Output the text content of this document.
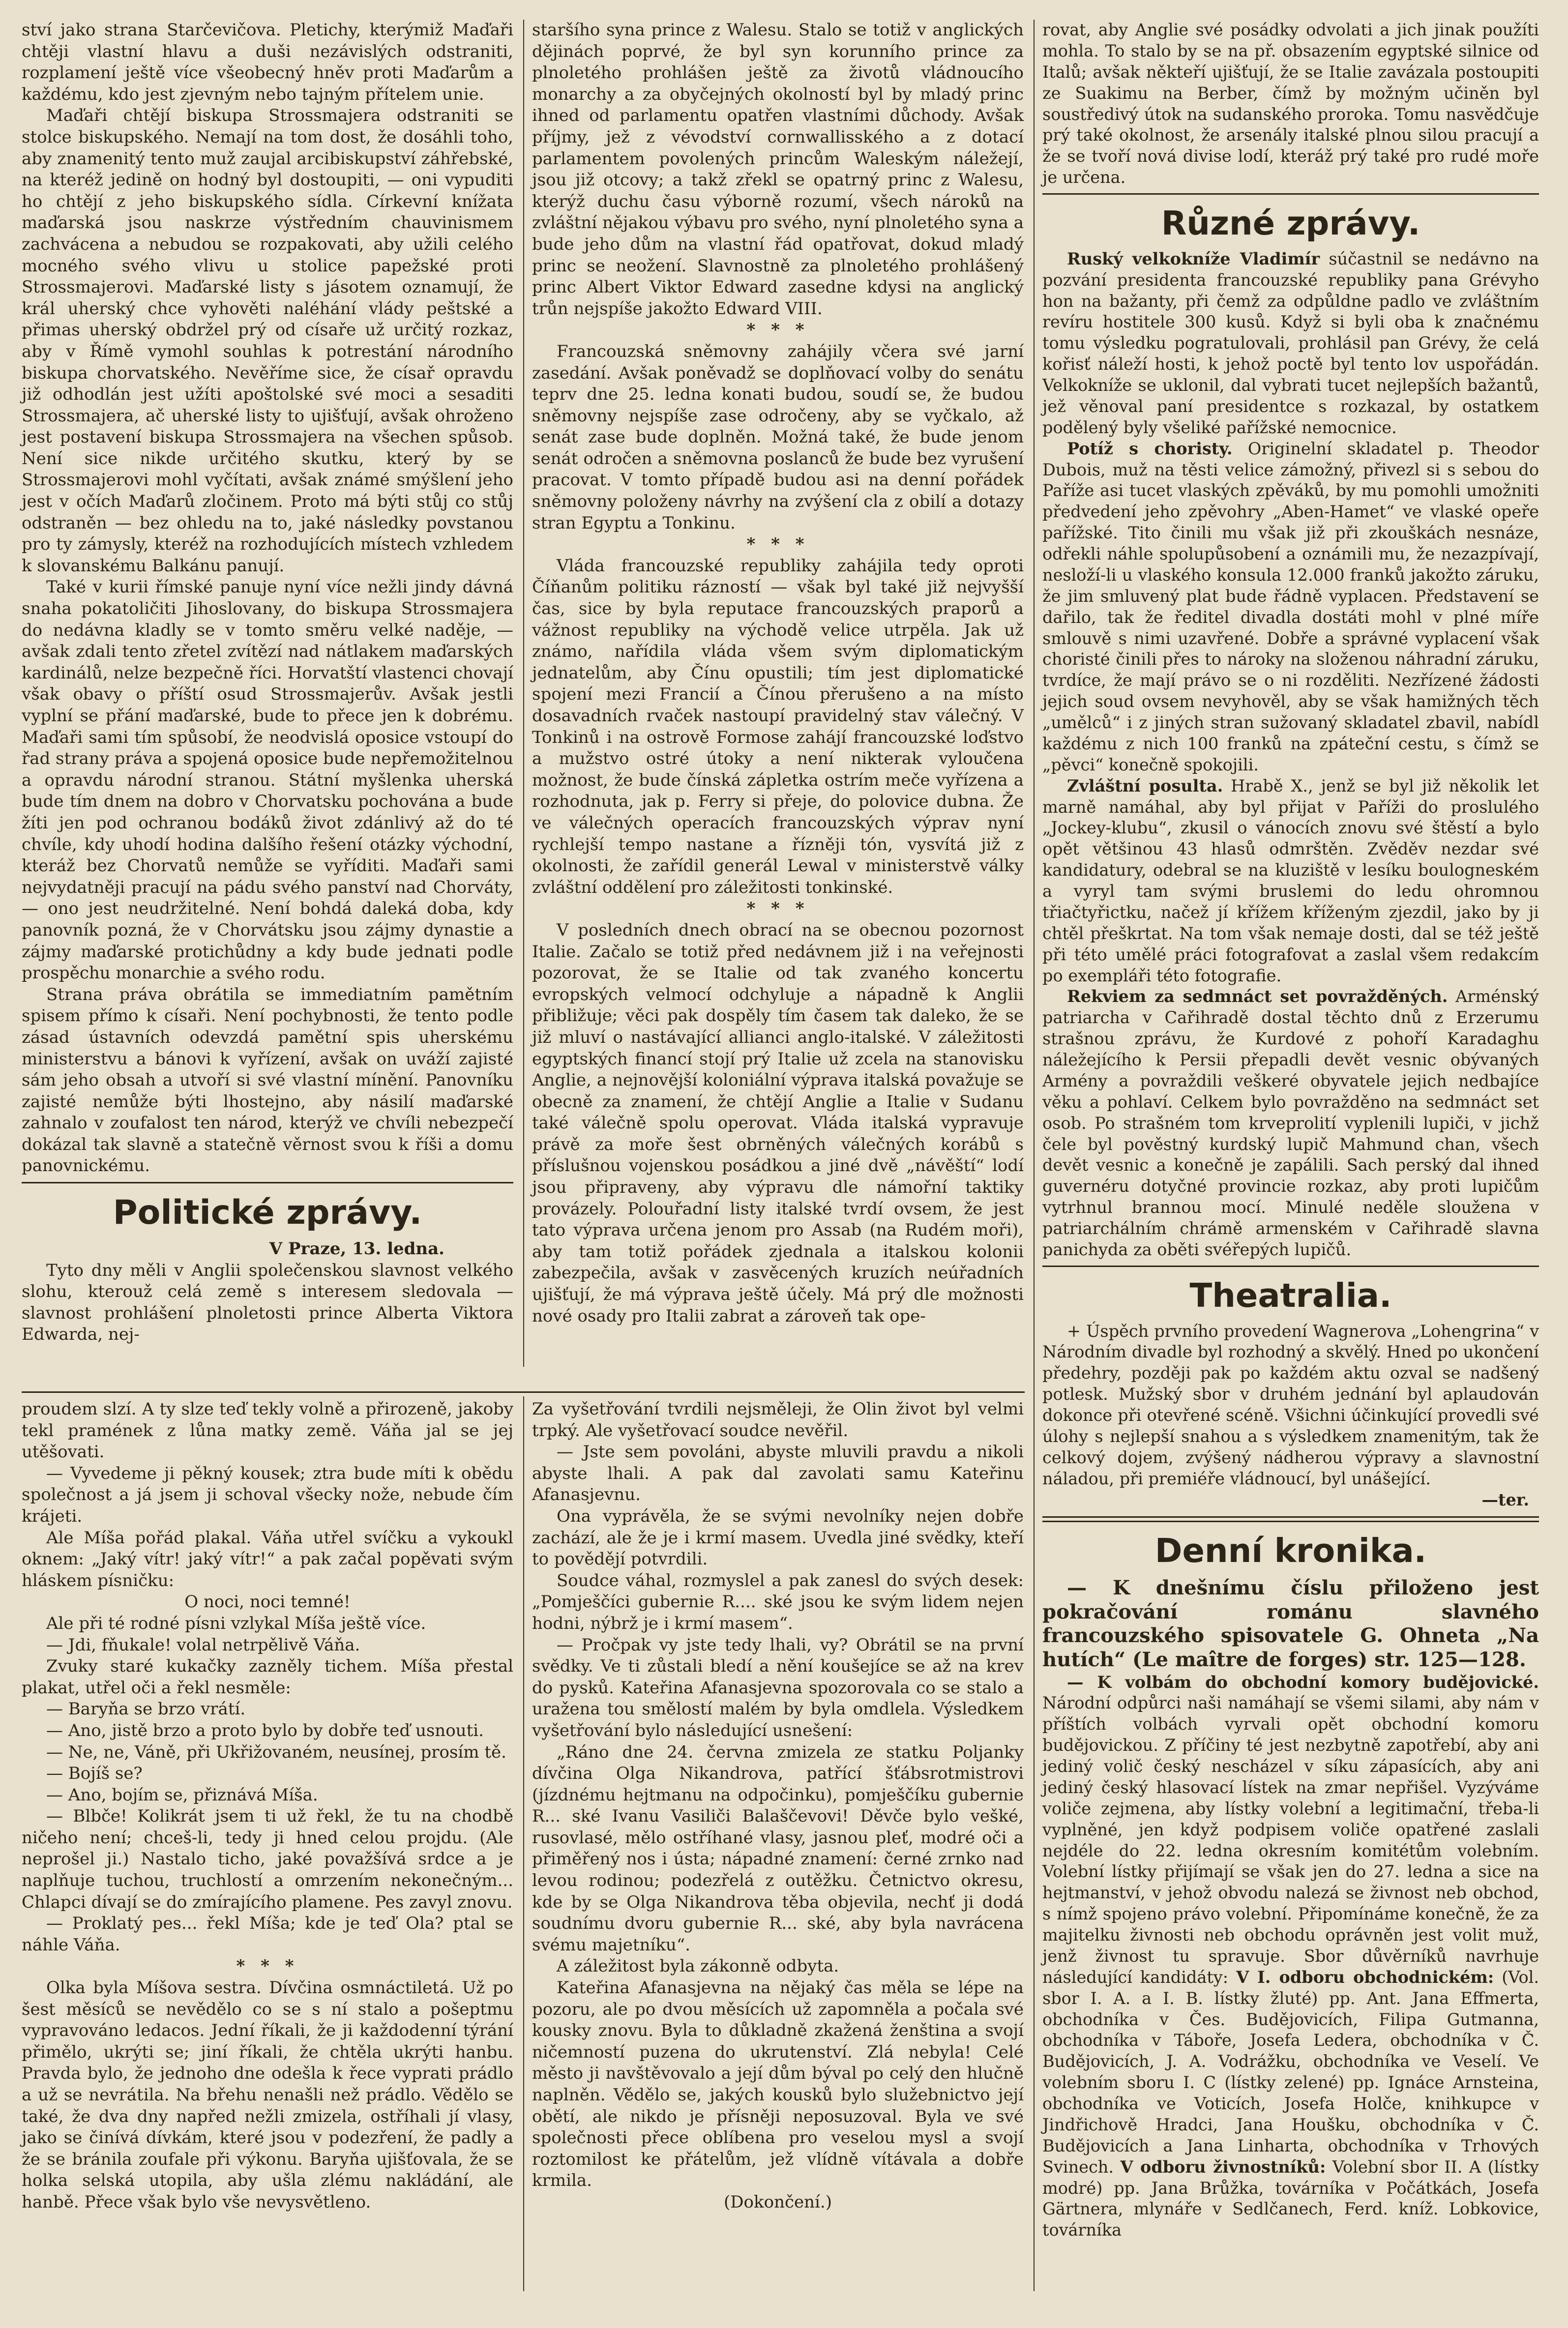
ství jako strana Starčevičova. Pletichy, kterýmiž Maďaři chtěji vlastní hlavu a duši nezávislých odstraniti, rozplamení ještě více všeobecný hněv proti Maďarům a každému, kdo jest zjevným nebo tajným přítelem unie.

Maďaři chtějí biskupa Strossmajera odstraniti se stolce biskupského. Nemají na tom dost, že dosáhli toho, aby znamenitý tento muž zaujal arcibiskupství záhřebské, na kteréž jedině on hodný byl dostoupiti, — oni vypuditi ho chtějí z jeho biskupského sídla. Církevní knížata maďarská jsou naskrze výstředním chauvinismem zachvácena a nebudou se rozpakovati, aby užili celého mocného svého vlivu u stolice papežské proti Strossmajerovi. Maďarské listy s jásotem oznamují, že král uherský chce vyhověti naléhání vlády peštské a přimas uherský obdržel prý od císaře už určitý rozkaz, aby v Římě vymohl souhlas k potrestání národního biskupa chorvatského. Nevěříme sice, že císař opravdu již odhodlán jest užíti apoštolské své moci a sesaditi Strossmajera, ač uherské listy to ujišťují, avšak ohroženo jest postavení biskupa Strossmajera na všechen spůsob. Není sice nikde určitého skutku, který by se Strossmajerovi mohl vyčítati, avšak známé smýšlení jeho jest v očích Maďarů zločinem. Proto má býti stůj co stůj odstraněn — bez ohledu na to, jaké následky povstanou pro ty zámysly, kteréž na rozhodujících místech vzhledem k slovanskému Balkánu panují.

Také v kurii římské panuje nyní více nežli jindy dávná snaha pokatoličiti Jihoslovany, do biskupa Strossmajera do nedávna kladly se v tomto směru velké naděje, — avšak zdali tento zřetel zvítězí nad nátlakem maďarských kardinálů, nelze bezpečně říci. Horvatští vlastenci chovají však obavy o příští osud Strossmajerův. Avšak jestli vyplní se přání maďarské, bude to přece jen k dobrému. Maďaři sami tím spůsobí, že neodvislá oposice vstoupí do řad strany práva a spojená oposice bude nepřemožitelnou a opravdu národní stranou. Státní myšlenka uherská bude tím dnem na dobro v Chorvatsku pochována a bude žíti jen pod ochranou bodáků život zdánlivý až do té chvíle, kdy uhodí hodina dalšího řešení otázky východní, kteráž bez Chorvatů nemůže se vyříditi. Maďaři sami nejvydatněji pracují na pádu svého panství nad Chorváty, — ono jest neudržitelné. Není bohdá daleká doba, kdy panovník pozná, že v Chorvátsku jsou zájmy dynastie a zájmy maďarské protichůdny a kdy bude jednati podle prospěchu monarchie a svého rodu.

Strana práva obrátila se immediatním pamětním spisem přímo k císaři. Není pochybnosti, že tento podle zásad ústavních odevzdá pamětní spis uherskému ministerstvu a bánovi k vyřízení, avšak on uváží zajisté sám jeho obsah a utvoří si své vlastní mínění. Panovníku zajisté nemůže býti lhostejno, aby násilí maďarské zahnalo v zoufalost ten národ, kterýž ve chvíli nebezpečí dokázal tak slavně a statečně věrnost svou k říši a domu panovnickému.

Politické zprávy.

V Praze, 13. ledna.

Tyto dny měli v Anglii společenskou slavnost velkého slohu, kterouž celá země s interesem sledovala — slavnost prohlášení plnoletosti prince Alberta Viktora Edwarda, nej-

staršího syna prince z Walesu. Stalo se totiž v anglických dějinách poprvé, že byl syn korunního prince za plnoletého prohlášen ještě za životů vládnoucího monarchy a za obyčejných okolností byl by mladý princ ihned od parlamentu opatřen vlastními důchody. Avšak příjmy, jež z vévodství cornwallisského a z dotací parlamentem povolených princům Waleským náležejí, jsou již otcovy; a takž zřekl se opatrný princ z Walesu, kterýž duchu času výborně rozumí, všech nároků na zvláštní nějakou výbavu pro svého, nyní plnoletého syna a bude jeho dům na vlastní řád opatřovat, dokud mladý princ se neožení. Slavnostně za plnoletého prohlášený princ Albert Viktor Edward zasedne kdysi na anglický trůn nejspíše jakožto Edward VIII.

* * *

Francouzská sněmovny zahájily včera své jarní zasedání. Avšak poněvadž se doplňovací volby do senátu teprv dne 25. ledna konati budou, soudí se, že budou sněmovny nejspíše zase odročeny, aby se vyčkalo, až senát zase bude doplněn. Možná také, že bude jenom senát odročen a sněmovna poslanců že bude bez vyrušení pracovat. V tomto případě budou asi na denní pořádek sněmovny položeny návrhy na zvýšení cla z obilí a dotazy stran Egyptu a Tonkinu.

* * *

Vláda francouzské republiky zahájila tedy oproti Číňanům politiku rázností — však byl také již nejvyšší čas, sice by byla reputace francouzských praporů a vážnost republiky na východě velice utrpěla. Jak už známo, nařídila vláda všem svým diplomatickým jednatelům, aby Čínu opustili; tím jest diplomatické spojení mezi Francií a Čínou přerušeno a na místo dosavadních rvaček nastoupí pravidelný stav válečný. V Tonkinů i na ostrově Formose zahájí francouzské loďstvo a mužstvo ostré útoky a není nikterak vyloučena možnost, že bude čínská zápletka ostrím meče vyřízena a rozhodnuta, jak p. Ferry si přeje, do polovice dubna. Že ve válečných operacích francouzských výprav nyní rychlejší tempo nastane a řízněji tón, vysvítá již z okolnosti, že zařídil generál Lewal v ministerstvě války zvláštní oddělení pro záležitosti tonkinské.

* * *

V posledních dnech obrací na se obecnou pozornost Italie. Začalo se totiž před nedávnem již i na veřejnosti pozorovat, že se Italie od tak zvaného koncertu evropských velmocí odchyluje a nápadně k Anglii přibližuje; věci pak dospěly tím časem tak daleko, že se již mluví o nastávající allianci anglo-italské. V záležitosti egyptských financí stojí prý Italie už zcela na stanovisku Anglie, a nejnovější koloniální výprava italská považuje se obecně za znamení, že chtějí Anglie a Italie v Sudanu také válečně spolu operovat. Vláda italská vypravuje právě za moře šest obrněných válečných korábů s příslušnou vojenskou posádkou a jiné dvě „návěští“ lodí jsou připraveny, aby výpravu dle námořní taktiky provázely. Polouřadní listy italské tvrdí ovsem, že jest tato výprava určena jenom pro Assab (na Rudém moři), aby tam totiž pořádek zjednala a italskou kolonii zabezpečila, avšak v zasvěcených kruzích neúřadních ujišťují, že má výprava ještě účely. Má prý dle možnosti nové osady pro Italii zabrat a zároveň tak ope-

rovat, aby Anglie své posádky odvolati a jich jinak použíti mohla. To stalo by se na př. obsazením egyptské silnice od Italů; avšak někteří ujišťují, že se Italie zavázala postoupiti ze Suakimu na Berber, čímž by možným učiněn byl soustředivý útok na sudanského proroka. Tomu nasvědčuje prý také okolnost, že arsenály italské plnou silou pracují a že se tvoří nová divise lodí, kteráž prý také pro rudé moře je určena.

Různé zprávy.

Ruský velkokníže Vladimír súčastnil se nedávno na pozvání presidenta francouzské republiky pana Grévyho hon na bažanty, při čemž za odpůldne padlo ve zvláštním revíru hostitele 300 kusů. Když si byli oba k značnému tomu výsledku pogratulovali, prohlásil pan Grévy, že celá kořisť náleží hosti, k jehož poctě byl tento lov uspořádán. Velkokníže se uklonil, dal vybrati tucet nejlepších bažantů, jež věnoval paní presidentce s rozkazal, by ostatkem podělený byly všeliké pařížské nemocnice.

Potíž s choristy. Originelní skladatel p. Theodor Dubois, muž na těsti velice zámožný, přivezl si s sebou do Paříže asi tucet vlaských zpěváků, by mu pomohli umožniti předvedení jeho zpěvohry „Aben-Hamet“ ve vlaské opeře pařížské. Tito činili mu však již při zkouškách nesnáze, odřekli náhle spolupůsobení a oznámili mu, že nezazpívají, nesloží-li u vlaského konsula 12.000 franků jakožto záruku, že jim smluvený plat bude řádně vyplacen. Představení se dařilo, tak že ředitel divadla dostáti mohl v plné míře smlouvě s nimi uzavřené. Dobře a správné vyplacení však choristé činili přes to nároky na složenou náhradní záruku, tvrdíce, že mají právo se o ni rozděliti. Nezřízené žádosti jejich soud ovsem nevyhověl, aby se však hamižných těch „umělců“ i z jiných stran sužovaný skladatel zbavil, nabídl každému z nich 100 franků na zpáteční cestu, s čímž se „pěvci“ konečně spokojili.

Zvláštní posulta. Hrabě X., jenž se byl již několik let marně namáhal, aby byl přijat v Paříži do proslulého „Jockey-klubu“, zkusil o vánocích znovu své štěstí a bylo opět většinou 43 hlasů odmrštěn. Zvěděv nezdar své kandidatury, odebral se na kluziště v lesíku boulogneském a vyryl tam svými bruslemi do ledu ohromnou třiačtyřictku, načež jí křížem kříženým zjezdil, jako by ji chtěl přeškrtat. Na tom však nemaje dosti, dal se též ještě při této umělé práci fotografovat a zaslal všem redakcím po exempláři této fotografie.

Rekviem za sedmnáct set povražděných. Arménský patriarcha v Cařihradě dostal těchto dnů z Erzerumu strašnou zprávu, že Kurdové z pohoří Karadaghu náležejícího k Persii přepadli devět vesnic obývaných Armény a povraždili veškeré obyvatele jejich nedbajíce věku a pohlaví. Celkem bylo povražděno na sedmnáct set osob. Po strašném tom krveprolití vyplenili lupiči, v jichž čele byl pověstný kurdský lupič Mahmund chan, všech devět vesnic a konečně je zapálili. Sach perský dal ihned guvernéru dotyčné provincie rozkaz, aby proti lupičům vytrhnul brannou mocí. Minulé neděle sloužena v patriarchálním chrámě armenském v Cařihradě slavna panichyda za oběti svéřepých lupičů.

Theatralia.

+ Úspěch prvního provedení Wagnerova „Lohengrina“ v Národním divadle byl rozhodný a skvělý. Hned po ukončení předehry, později pak po každém aktu ozval se nadšený potlesk. Mužský sbor v druhém jednání byl aplaudován dokonce při otevřené scéně. Všichni účinkující provedli své úlohy s nejlepší snahou a s výsledkem znamenitým, tak že celkový dojem, zvýšený nádherou výpravy a slavnostní náladou, při premiéře vládnoucí, byl unášející.

—ter.

Denní kronika.

— K dnešnímu číslu přiloženo jest pokračování románu slavného francouzského spisovatele G. Ohneta „Na hutích“ (Le maître de forges) str. 125—128.

— K volbám do obchodní komory budějovické. Národní odpůrci naši namáhají se všemi silami, aby nám v příštích volbách vyrvali opět obchodní komoru budějovickou. Z příčiny té jest nezbytně zapotřebí, aby ani jediný volič český nescházel v síku zápasících, aby ani jediný český hlasovací lístek na zmar nepřišel. Vyzýváme voliče zejmena, aby lístky volební a legitimační, třeba-li vyplněné, jen když podpisem voliče opatřené zaslali nejdéle do 22. ledna okresním komitétům volebním. Volební lístky přijímají se však jen do 27. ledna a sice na hejtmanství, v jehož obvodu nalezá se živnost neb obchod, s nímž spojeno právo volební. Připomínáme konečně, že za majitelku živnosti neb obchodu oprávněn jest volit muž, jenž živnost tu spravuje. Sbor důvěrníků navrhuje následující kandidáty: V I. odboru obchodnickém: (Vol. sbor I. A. a I. B. lístky žluté) pp. Ant. Jana Effmerta, obchodníka v Čes. Budějovicích, Filipa Gutmanna, obchodníka v Táboře, Josefa Ledera, obchodníka v Č. Budějovicích, J. A. Vodrážku, obchodníka ve Veselí. Ve volebním sboru I. C (lístky zelené) pp. Ignáce Arnsteina, obchodníka ve Voticích, Josefa Holče, knihkupce v Jindřichově Hradci, Jana Houšku, obchodníka v Č. Budějovicích a Jana Linharta, obchodníka v Trhových Svinech. V odboru živnostníků: Volební sbor II. A (lístky modré) pp. Jana Brůžka, továrníka v Počátkách, Josefa Gärtnera, mlynáře v Sedlčanech, Ferd. kníž. Lobkovice, továrníka

proudem slzí. A ty slze teď tekly volně a přirozeně, jakoby tekl pramének z lůna matky země. Váňa jal se jej utěšovati.

— Vyvedeme ji pěkný kousek; ztra bude míti k obědu společnost a já jsem ji schoval všecky nože, nebude čím krájeti.

Ale Míša pořád plakal. Váňa utřel svíčku a vykoukl oknem: „Jaký vítr! jaký vítr!“ a pak začal popěvati svým hláskem písničku:

O noci, noci temné!

Ale při té rodné písni vzlykal Míša ještě více.

— Jdi, fňukale! volal netrpělivě Váňa.

Zvuky staré kukačky zazněly tichem. Míša přestal plakat, utřel oči a řekl nesměle:

— Baryňa se brzo vrátí.

— Ano, jistě brzo a proto bylo by dobře teď usnouti.

— Ne, ne, Váně, při Ukřižovaném, neusínej, prosím tě.

— Bojíš se?

— Ano, bojím se, přiznává Míša.

— Blbče! Kolikrát jsem ti už řekl, že tu na chodbě ničeho není; chceš-li, tedy ji hned celou projdu. (Ale neprošel ji.) Nastalo ticho, jaké považšívá srdce a je naplňuje tuchou, truchlostí a omrzením nekonečným... Chlapci dívají se do zmírajícího plamene. Pes zavyl znovu.

— Proklatý pes... řekl Míša; kde je teď Ola? ptal se náhle Váňa.

* * *

Olka byla Míšova sestra. Dívčina osmnáctiletá. Už po šest měsíců se nevědělo co se s ní stalo a pošeptmu vypravováno ledacos. Jední říkali, že ji každodenní týrání přimělo, ukrýti se; jiní říkali, že chtěla ukrýti hanbu. Pravda bylo, že jednoho dne odešla k řece vyprati prádlo a už se nevrátila. Na břehu nenašli než prádlo. Vědělo se také, že dva dny napřed nežli zmizela, ostříhali jí vlasy, jako se činívá dívkám, které jsou v podezření, že padly a že se bránila zoufale při výkonu. Baryňa ujišťovala, že se holka selská utopila, aby ušla zlému nakládání, ale hanbě. Přece však bylo vše nevysvětleno.

Za vyšetřování tvrdili nejsměleji, že Olin život byl velmi trpký. Ale vyšetřovací soudce nevěřil.

— Jste sem povoláni, abyste mluvili pravdu a nikoli abyste lhali. A pak dal zavolati samu Kateřinu Afanasjevnu.

Ona vyprávěla, že se svými nevolníky nejen dobře zachází, ale že je i krmí masem. Uvedla jiné svědky, kteří to povědějí potvrdili.

Soudce váhal, rozmyslel a pak zanesl do svých desek: „Pomješčíci gubernie R.... ské jsou ke svým lidem nejen hodni, nýbrž je i krmí masem“.

— Pročpak vy jste tedy lhali, vy? Obrátil se na první svědky. Ve ti zůstali bledí a nění koušejíce se až na krev do pysků. Kateřina Afanasjevna spozorovala co se stalo a uražena tou smělostí malém by byla omdlela. Výsledkem vyšetřování bylo následující usnešení:

„Ráno dne 24. června zmizela ze statku Poljanky dívčina Olga Nikandrova, patřící šťábsrotmistrovi (jízdnému hejtmanu na odpočinku), pomješčíku gubernie R... ské Ivanu Vasiliči Balaščevovi! Děvče bylo vešké, rusovlasé, mělo ostříhané vlasy, jasnou pleť, modré oči a přiměřený nos i ústa; nápadné znamení: černé zrnko nad levou rodinou; podezřelá z outěžku. Četnictvo okresu, kde by se Olga Nikandrova těba objevila, nechť ji dodá soudnímu dvoru gubernie R... ské, aby byla navrácena svému majetníku“.

A záležitost byla zákonně odbyta.

Kateřina Afanasjevna na nějaký čas měla se lépe na pozoru, ale po dvou měsících už zapomněla a počala své kousky znovu. Byla to důkladně zkažená ženština a svojí ničemností puzena do ukrutenství. Zlá nebyla! Celé město ji navštěvovalo a její dům býval po celý den hlučně naplněn. Vědělo se, jakých kousků bylo služebnictvo její obětí, ale nikdo je přísněji neposuzoval. Byla ve své společnosti přece oblíbena pro veselou mysl a svojí roztomilost ke přátelům, jež vlídně vítávala a dobře krmila.

(Dokončení.)
